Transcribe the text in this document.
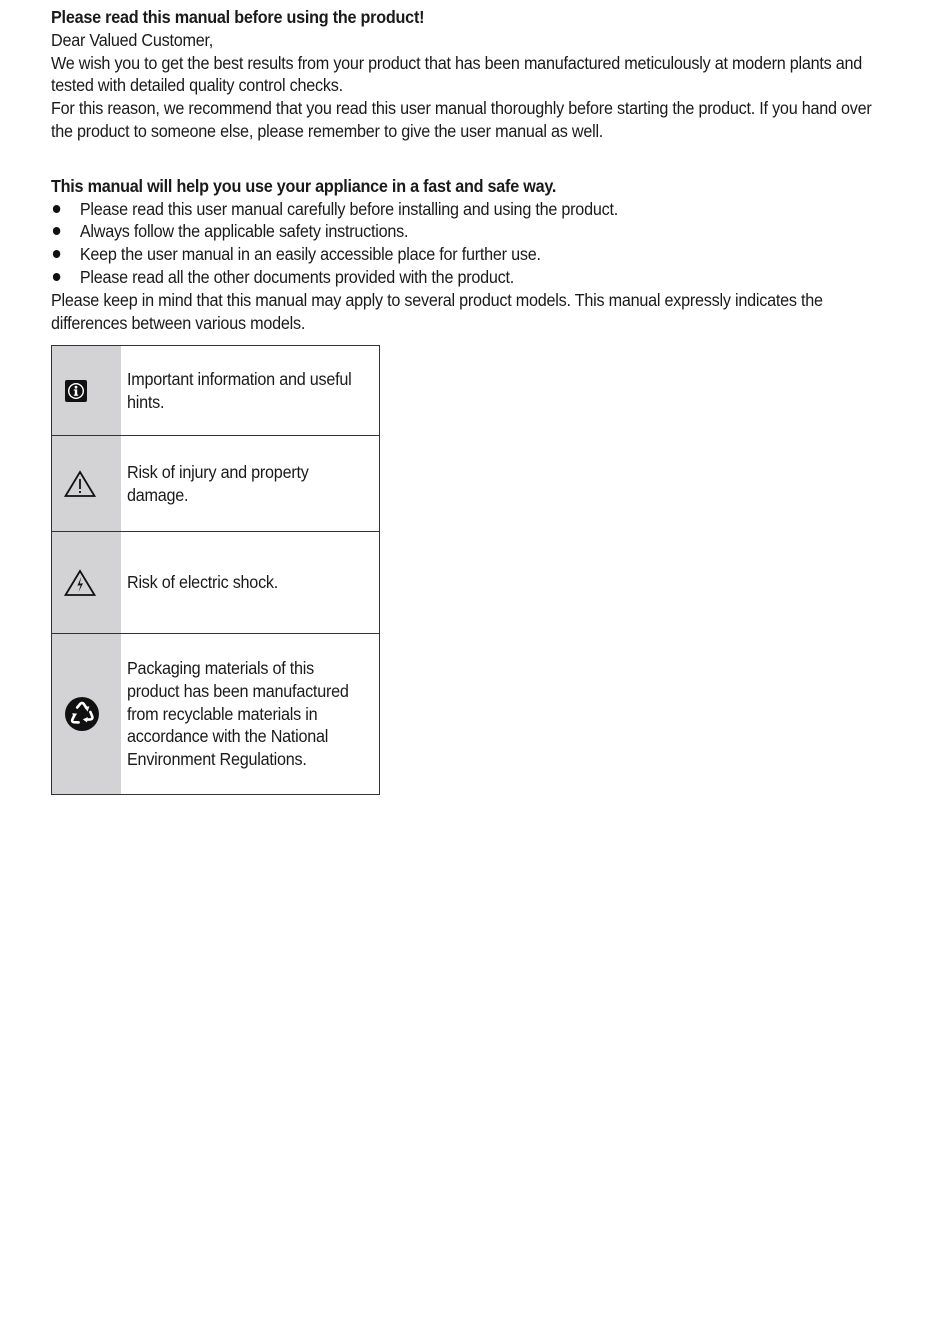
Please read this manual before using the product!

Dear Valued Customer,

We wish you to get the best results from your product that has been manufactured meticulously at modern plants and tested with detailed quality control checks.

For this reason, we recommend that you read this user manual thoroughly before starting the product. If you hand over the product to someone else, please remember to give the user manual as well.

This manual will help you use your appliance in a fast and safe way.

Please read this user manual carefully before installing and using the product.
Always follow the applicable safety instructions.
Keep the user manual in an easily accessible place for further use.
Please read all the other documents provided with the product.

Please keep in mind that this manual may apply to several product models. This manual expressly indicates the differences between various models.

Important information and useful hints.

Risk of injury and property damage.

Risk of electric shock.

Packaging materials of this product has been manufactured from recyclable materials in accordance with the National Environment Regulations.
